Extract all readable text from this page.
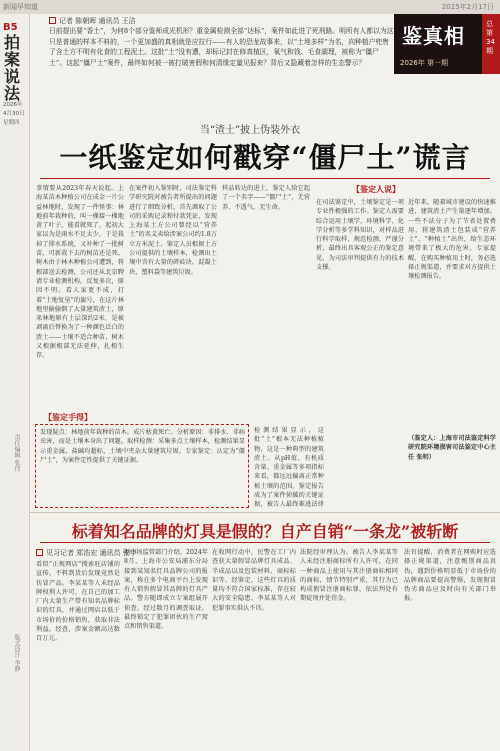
新闻早知道	2025年2月17日
B5
拍案说法
2026年
4月30日
星期四
责任编辑 张伟
版式设计 李静
记者 陈朝晖 通讯员 王洁
日前提出要“香土”，为何8个部分鉴师成光机形？重金属检测全部“达标”，案件如此进了死刑路。明所有人都以为这只是普通的样本不料的，一个更加盛的真相就是应拉行——有人的恐龙故事来，以“土地多样”为名，向种植户兜售了含土方不明有化食的工程泥土。这批“土”没有遭，却标记封在修真植区，氧气和钱、毛食湖理，被称为“僵尸土”。这起“僵尸土”案件，最终如何被一被打破害假和何清缘定量见报来？背后又隐藏着怎样的生态警示？
鉴真相
2026年 第一期
总第34期
当“渣土”披上伪装外衣
一纸鉴定如何戳穿“僵尸土”谎言
事情要从2023年春天说起。上海某苗木种植公司在成金一片公益林地时，发现了一件怪事：林地前年栽种的，叫一棵接一棵地黄了叶子，能看就死了，起初大家以为是雨水不足太少，于是栽掉了排水系统，又补种了一批树苗，可新栽下去的树苗还是死。树木由于林木种植公司遭到，将根部送去检测，公司还从北京聘请专业检测机构，反复多次，原因不明。看人家更不成，打着“土地复垦”的旗号，在这片林地里偷偷倒了大量建筑渣土，原来林地原有土层深约2米，是被剥离后替换为了一种颜色泛白的渣土——土壤不适合种苗，树木又根据根部无法延伸，扎根生存。
【鉴定手得】
发现疑点：林地前年栽种的苗木，成片枯黄死亡。分析原因：非排水、非病虫害，而是土壤本身出了问题。取样检测：采集多点土壤样本，检测结果显示重金属、盐碱均超标，土壤中夹杂大量建筑垃圾。专家鉴定：认定为“僵尸土”，为案件定性提供了关键证据。
在案件初入鉴别时，司法鉴定科学研究院对被告者所提出的问题进行了细致分析，首先调取了公司的采购记录和付款凭证，发现上海某土方公司曾经以“营养土”的名义卖给涉案公司约1.8万立方米泥土。鉴定人员根据土方公司提供的土壤样本，检测出土壤中含有大量的碎砖块、混凝土块、塑料袋等建筑垃圾。
样品转达的进土，鉴定人给它起了一个名字——“僵尸土”，无营养、不透气、无生命。
检测结果显示，这批“土”根本无法种植植物，这是一种典型的建筑渣土。从pH值、有机质含量、重金属等多项指标来看，都远远偏离正常种植土壤的范围。鉴定报告成为了案件侦破的关键证据，被告人最终难逃法律
【鉴定人说】
在司法鉴定中，土壤鉴定是一项专业性极强的工作。鉴定人需要综合运用土壤学、环境科学、化学分析等多学科知识，对样品进行科学取样、规范检测、严谨分析，最终出具客观公正的鉴定意见，为司法审判提供有力的技术支撑。
近年来，随着城市建设的快速推进，建筑渣土产生量逐年增加。一些不法分子为了节省处置费用，将建筑渣土包装成“营养土”、“种植土”出售，给生态环境带来了极大的危害。专家提醒，在购买种植用土时，务必选择正规渠道，并要求对方提供土壤检测报告。
（鉴定人：上海市司法鉴定科学研究院环境损害司法鉴定中心主任 张明）
标着知名品牌的灯具是假的？自产自销“一条龙”被斩断
见习记者 郑浩宏 通讯员 张宇
看似“正规网店”搜索旺店铺的宣传，不料到货后发现竟然是仿冒产品。李某某等人未经品牌权利人许可，在自己的加工厂内大量生产带有知名品牌标识的灯具，并通过网店以低于市场价的价格销售，获取非法利益。经查，涉案金额高达数百万元。
据市场监管部门介绍，2024年8月，上海市公安局浦东分局接到某知名灯具品牌公司的报案，称在多个电商平台上发现有人销售假冒其品牌的灯具产品。警方随即成立专案组展开侦查，经过数月的调查取证，最终锁定了犯罪团伙的生产窝点和销售渠道。
在收网行动中，民警在工厂内查获大量假冒品牌灯具成品、半成品以及包装材料、商标标识等。经鉴定，这些灯具的质量均不符合国家标准，存在较大的安全隐患。李某某等人对犯罪事实供认不讳。
法院经审理认为，被告人李某某等人未经注册商标所有人许可，在同一种商品上使用与其注册商标相同的商标，情节特别严重，其行为已构成假冒注册商标罪，依法判处有期徒刑并处罚金。
法官提醒，消费者在网购时应选择正规渠道，注意甄别商品真伪，遇到价格明显低于市场价的品牌商品要提高警惕，发现假冒伪劣商品应及时向有关部门举报。
